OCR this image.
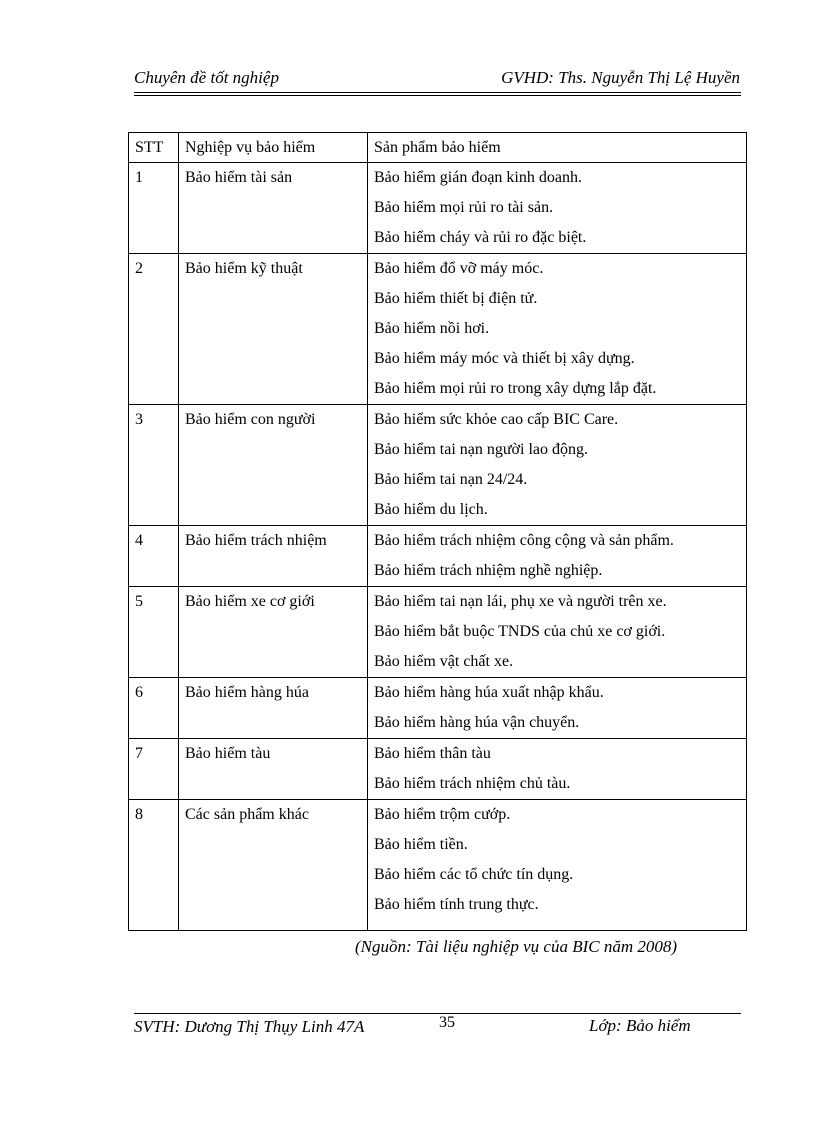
Chuyên đề tốt nghiệp	GVHD: Ths. Nguyễn Thị Lệ Huyền
STT	Nghiệp vụ bảo hiểm	Sản phẩm bảo hiểm

1	Bảo hiểm tài sản	Bảo hiểm gián đoạn kinh doanh.
Bảo hiểm mọi rủi ro tài sản.
Bảo hiểm cháy và rủi ro đặc biệt.

2	Bảo hiểm kỹ thuật	Bảo hiểm đổ vỡ máy móc.
Bảo hiểm thiết bị điện tử.
Bảo hiểm nồi hơi.
Bảo hiểm máy móc và thiết bị xây dựng.
Bảo hiểm mọi rủi ro trong xây dựng lắp đặt.

3	Bảo hiểm con người	Bảo hiểm sức khỏe cao cấp BIC Care.
Bảo hiểm tai nạn người lao động.
Bảo hiểm tai nạn 24/24.
Bảo hiểm du lịch.

4	Bảo hiểm trách nhiệm	Bảo hiểm trách nhiệm công cộng và sản phẩm.
Bảo hiểm trách nhiệm nghề nghiệp.

5	Bảo hiểm xe cơ giới	Bảo hiểm tai nạn lái, phụ xe và người trên xe.
Bảo hiểm bắt buộc TNDS của chủ xe cơ giới.
Bảo hiểm vật chất xe.

6	Bảo hiểm hàng húa	Bảo hiểm hàng húa xuất nhập khẩu.
Bảo hiểm hàng húa vận chuyển.

7	Bảo hiểm tàu	Bảo hiểm thân tàu
Bảo hiểm trách nhiệm chủ tàu.

8	Các sản phẩm khác	Bảo hiểm trộm cướp.
Bảo hiểm tiền.
Bảo hiểm các tổ chức tín dụng.
Bảo hiểm tính trung thực.
(Nguồn: Tài liệu nghiệp vụ của BIC năm 2008)
SVTH: Dương Thị Thụy Linh 47A	35	Lớp: Bảo hiểm
